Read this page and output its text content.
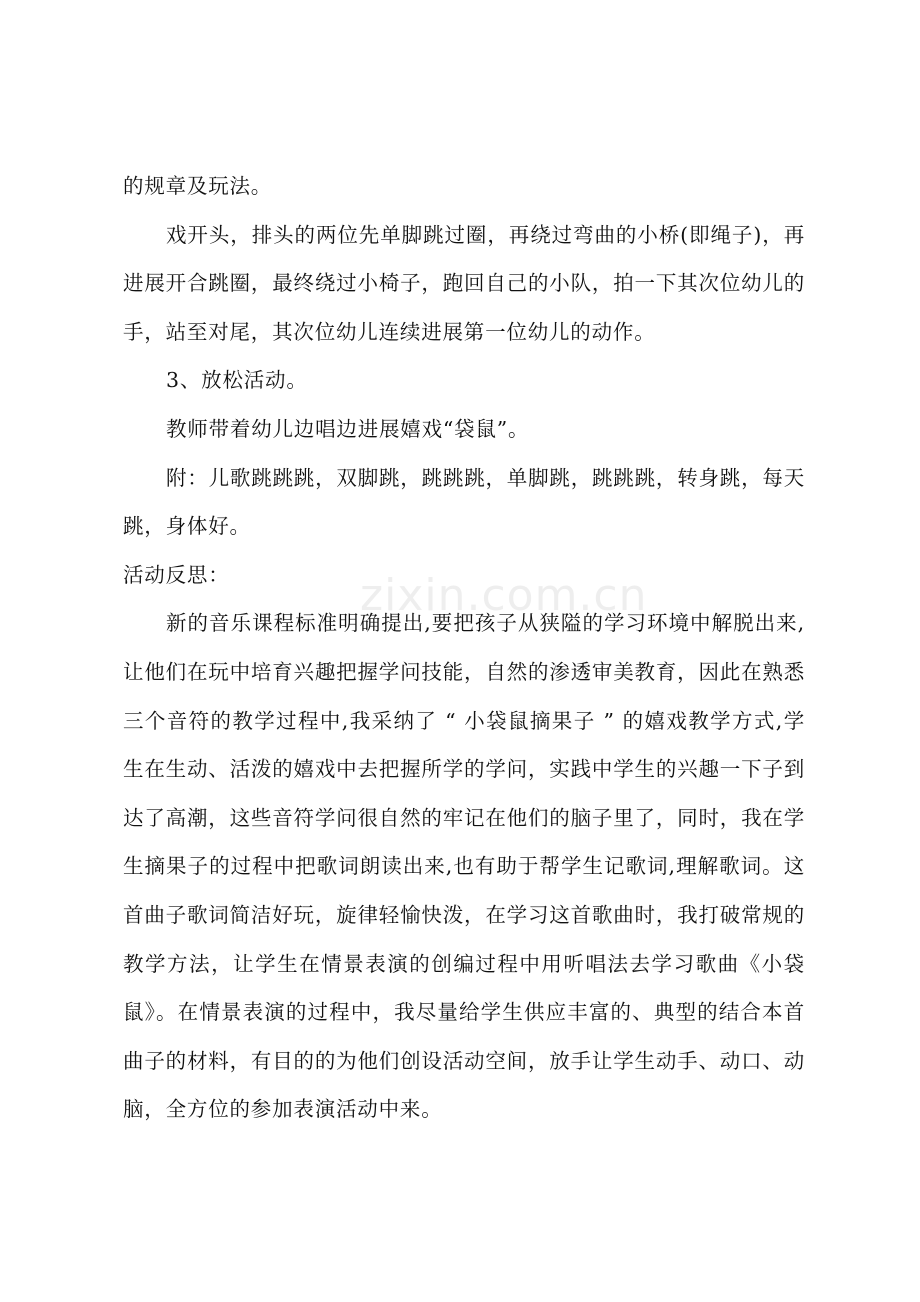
的规章及玩法。

戏开头，排头的两位先单脚跳过圈，再绕过弯曲的小桥(即绳子)，再进展开合跳圈，最终绕过小椅子，跑回自己的小队，拍一下其次位幼儿的手，站至对尾，其次位幼儿连续进展第一位幼儿的动作。

3、放松活动。

教师带着幼儿边唱边进展嬉戏“袋鼠”。

附：儿歌跳跳跳，双脚跳，跳跳跳，单脚跳，跳跳跳，转身跳，每天跳，身体好。

活动反思：

新的音乐课程标准明确提出,要把孩子从狭隘的学习环境中解脱出来,让他们在玩中培育兴趣把握学问技能，自然的渗透审美教育，因此在熟悉三个音符的教学过程中,我采纳了 “ 小袋鼠摘果子 ” 的嬉戏教学方式,学生在生动、活泼的嬉戏中去把握所学的学问，实践中学生的兴趣一下子到达了高潮，这些音符学问很自然的牢记在他们的脑子里了，同时，我在学生摘果子的过程中把歌词朗读出来,也有助于帮学生记歌词,理解歌词。这首曲子歌词简洁好玩，旋律轻愉快泼，在学习这首歌曲时，我打破常规的教学方法，让学生在情景表演的创编过程中用听唱法去学习歌曲《小袋鼠》。在情景表演的过程中，我尽量给学生供应丰富的、典型的结合本首曲子的材料，有目的的为他们创设活动空间，放手让学生动手、动口、动脑，全方位的参加表演活动中来。

zixin.com.cn
